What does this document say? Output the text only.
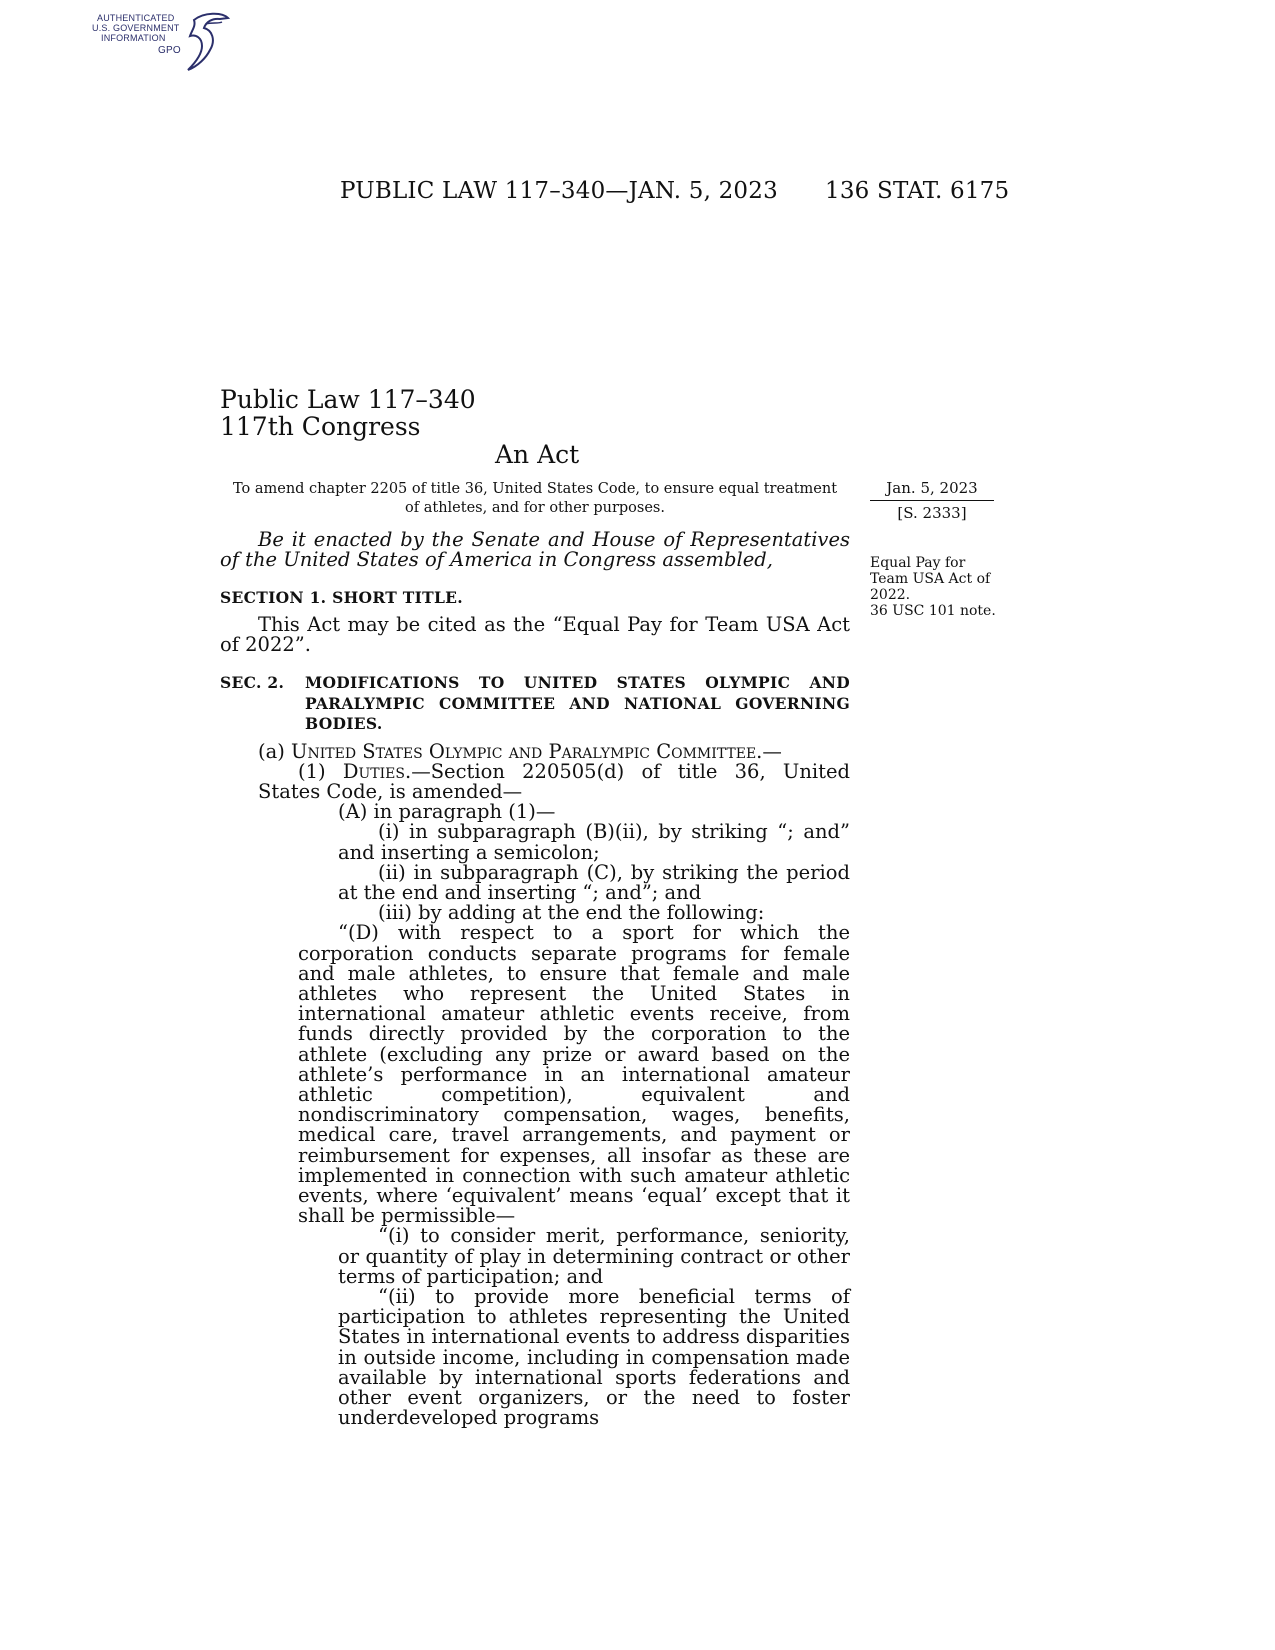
AUTHENTICATED
U.S. GOVERNMENT
INFORMATION
GPO
PUBLIC LAW 117–340—JAN. 5, 2023 136 STAT. 6175
Public Law 117–340
117th Congress
An Act
To amend chapter 2205 of title 36, United States Code, to ensure equal treatment of athletes, and for other purposes.
Jan. 5, 2023
[S. 2333]
Equal Pay for Team USA Act of 2022.
36 USC 101 note.
Be it enacted by the Senate and House of Representatives of the United States of America in Congress assembled,
SECTION 1. SHORT TITLE.

This Act may be cited as the “Equal Pay for Team USA Act of 2022”.

SEC. 2.	MODIFICATIONS TO UNITED STATES OLYMPIC AND PARALYMPIC COMMITTEE AND NATIONAL GOVERNING BODIES.

(a) United States Olympic and Paralympic Committee.—

(1) Duties.—Section 220505(d) of title 36, United States Code, is amended—

(A) in paragraph (1)—

(i) in subparagraph (B)(ii), by striking “; and” and inserting a semicolon;

(ii) in subparagraph (C), by striking the period at the end and inserting “; and”; and

(iii) by adding at the end the following:

“(D) with respect to a sport for which the corporation conducts separate programs for female and male athletes, to ensure that female and male athletes who represent the United States in international amateur athletic events receive, from funds directly provided by the corporation to the athlete (excluding any prize or award based on the athlete’s performance in an international amateur athletic competition), equivalent and nondiscriminatory compensation, wages, benefits, medical care, travel arrangements, and payment or reimbursement for expenses, all insofar as these are implemented in connection with such amateur athletic events, where ‘equivalent’ means ‘equal’ except that it shall be permissible—

“(i) to consider merit, performance, seniority, or quantity of play in determining contract or other terms of participation; and

“(ii) to provide more beneficial terms of participation to athletes representing the United States in international events to address disparities in outside income, including in compensation made available by international sports federations and other event organizers, or the need to foster underdeveloped programs
